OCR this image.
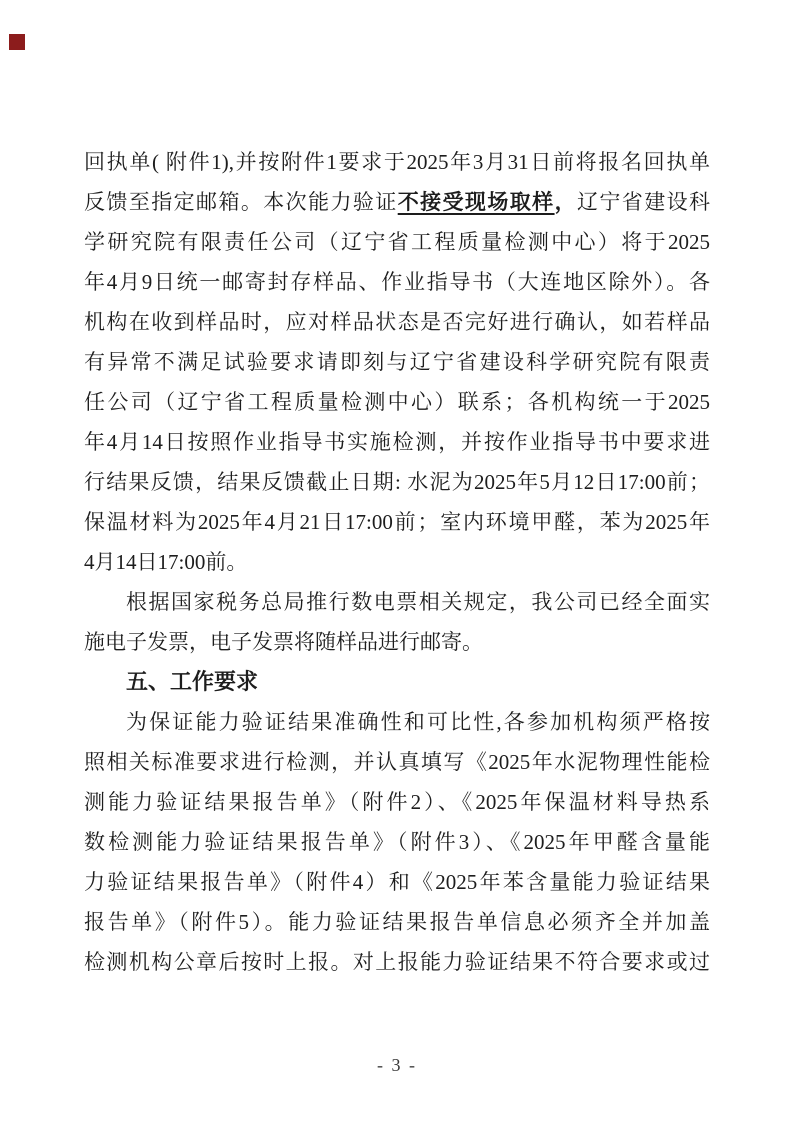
回执单( 附件1),并按附件1要求于2025年3月31日前将报名回执单
反馈至指定邮箱。本次能力验证不接受现场取样，辽宁省建设科
学研究院有限责任公司（辽宁省工程质量检测中心）将于2025
年4月9日统一邮寄封存样品、作业指导书（大连地区除外）。各
机构在收到样品时，应对样品状态是否完好进行确认，如若样品
有异常不满足试验要求请即刻与辽宁省建设科学研究院有限责
任公司（辽宁省工程质量检测中心）联系；各机构统一于2025
年4月14日按照作业指导书实施检测，并按作业指导书中要求进
行结果反馈，结果反馈截止日期: 水泥为2025年5月12日17:00前；
保温材料为2025年4月21日17:00前；室内环境甲醛，苯为2025年
4月14日17:00前。
根据国家税务总局推行数电票相关规定，我公司已经全面实
施电子发票，电子发票将随样品进行邮寄。
五、工作要求
为保证能力验证结果准确性和可比性,各参加机构须严格按
照相关标准要求进行检测，并认真填写《2025年水泥物理性能检
测能力验证结果报告单》（附件2）、《2025年保温材料导热系
数检测能力验证结果报告单》（附件3）、《2025年甲醛含量能
力验证结果报告单》（附件4）和《2025年苯含量能力验证结果
报告单》（附件5）。能力验证结果报告单信息必须齐全并加盖
检测机构公章后按时上报。对上报能力验证结果不符合要求或过
- 3 -
